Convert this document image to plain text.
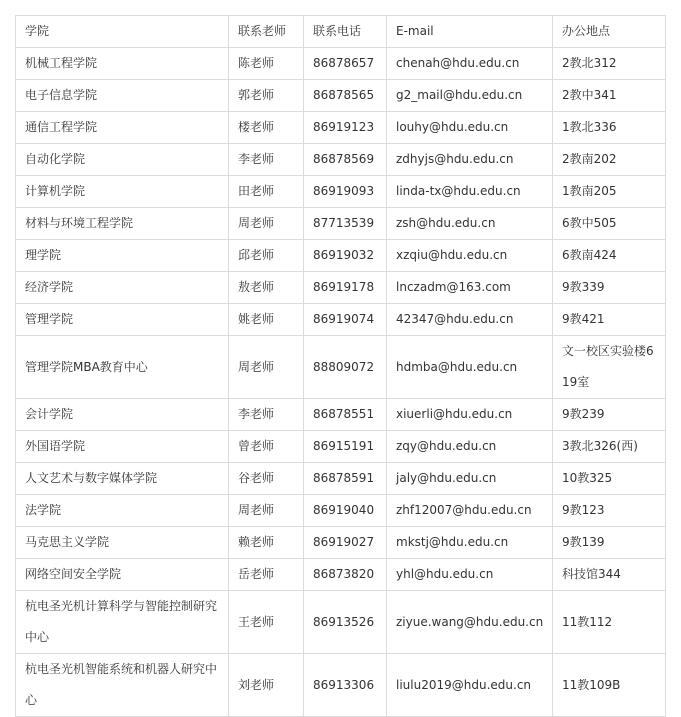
学院	联系老师	联系电话	E-mail	办公地点
机械工程学院	陈老师	86878657	chenah@hdu.edu.cn	2教北312
电子信息学院	郭老师	86878565	g2_mail@hdu.edu.cn	2教中341
通信工程学院	楼老师	86919123	louhy@hdu.edu.cn	1教北336
自动化学院	李老师	86878569	zdhyjs@hdu.edu.cn	2教南202
计算机学院	田老师	86919093	linda-tx@hdu.edu.cn	1教南205
材料与环境工程学院	周老师	87713539	zsh@hdu.edu.cn	6教中505
理学院	邱老师	86919032	xzqiu@hdu.edu.cn	6教南424
经济学院	敖老师	86919178	lnczadm@163.com	9教339
管理学院	姚老师	86919074	42347@hdu.edu.cn	9教421
管理学院MBA教育中心	周老师	88809072	hdmba@hdu.edu.cn	文一校区实验楼619室
会计学院	李老师	86878551	xiuerli@hdu.edu.cn	9教239
外国语学院	曾老师	86915191	zqy@hdu.edu.cn	3教北326(西)
人文艺术与数字媒体学院	谷老师	86878591	jaly@hdu.edu.cn	10教325
法学院	周老师	86919040	zhf12007@hdu.edu.cn	9教123
马克思主义学院	赖老师	86919027	mkstj@hdu.edu.cn	9教139
网络空间安全学院	岳老师	86873820	yhl@hdu.edu.cn	科技馆344
杭电圣光机计算科学与智能控制研究中心	王老师	86913526	ziyue.wang@hdu.edu.cn	11教112
杭电圣光机智能系统和机器人研究中心	刘老师	86913306	liulu2019@hdu.edu.cn	11教109B
